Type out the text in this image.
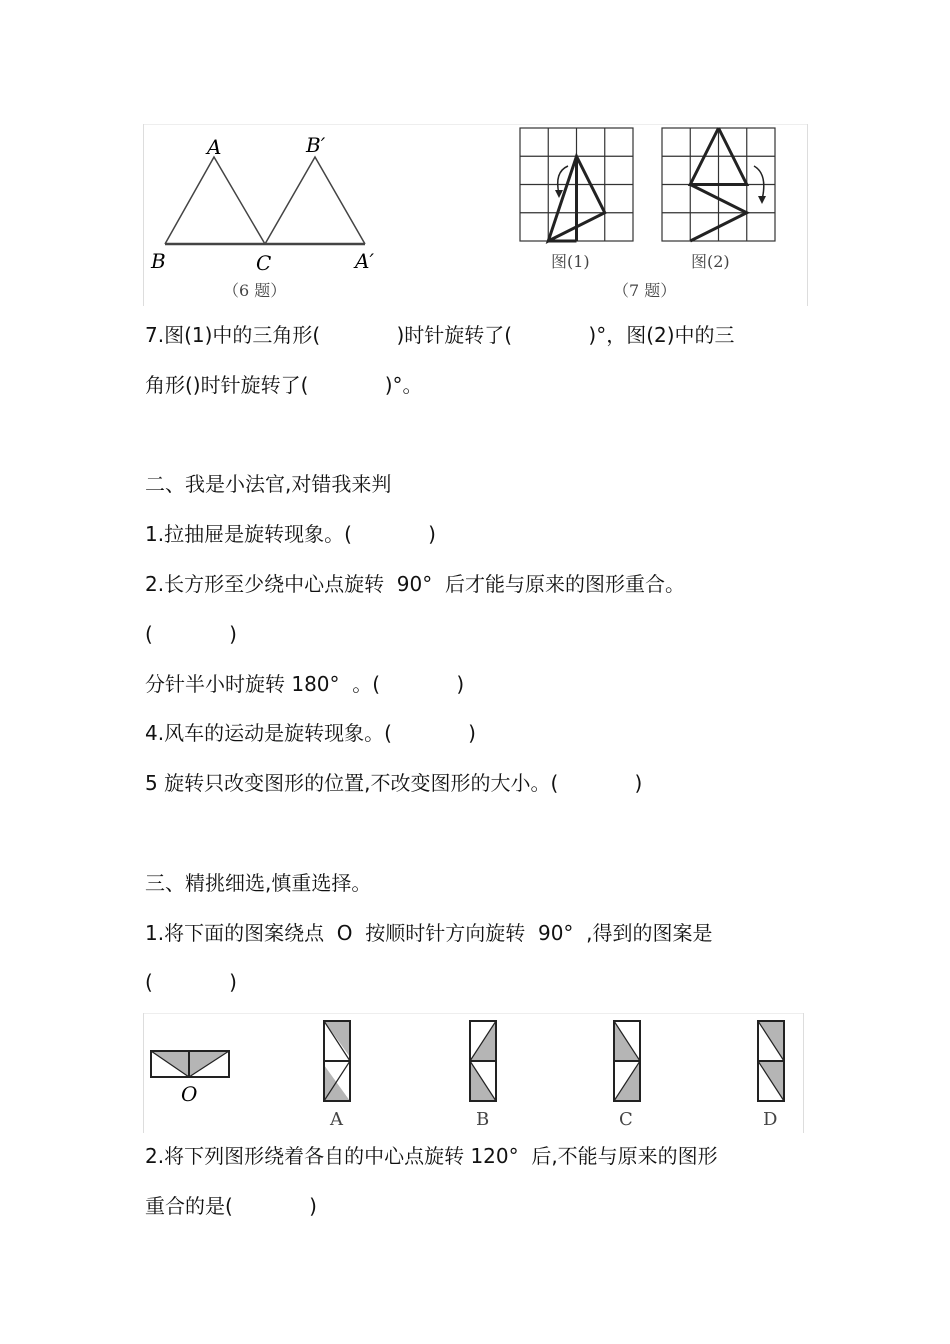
A	B′
B	C	A′
（6 题）
图(1)	图(2)
（7 题）
7.图(1)中的三角形(            )时针旋转了(            )°，图(2)中的三
角形()时针旋转了(            )°。
二、我是小法官,对错我来判
1.拉抽屉是旋转现象。(            )
2.长方形至少绕中心点旋转  90°  后才能与原来的图形重合。
(            )
分针半小时旋转 180°  。(            )
4.风车的运动是旋转现象。(            )
5 旋转只改变图形的位置,不改变图形的大小。(            )
三、精挑细选,慎重选择。
1.将下面的图案绕点  O  按顺时针方向旋转  90°  ,得到的图案是
(            )
O
A	B	C	D
2.将下列图形绕着各自的中心点旋转 120°  后,不能与原来的图形
重合的是(            )
